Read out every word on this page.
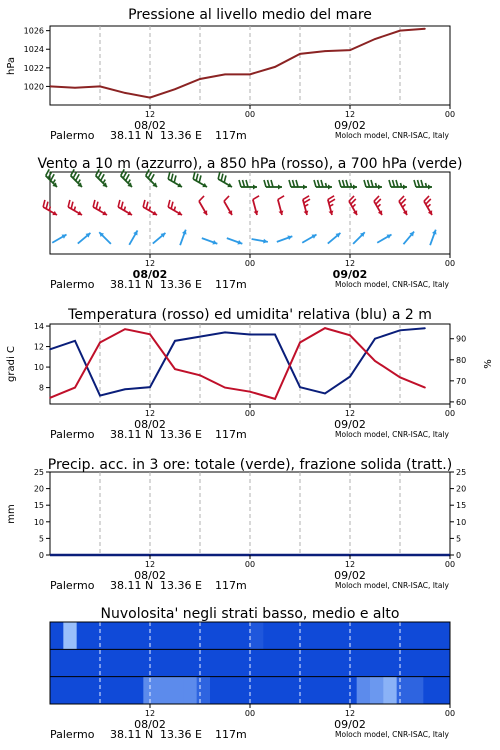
Pressione al livello medio del mare
1020
1022
1024
1026
hPa
12	00	12	00
08/02	09/02
Palermo 38.11 N 13.36 E 117m	Moloch model, CNR-ISAC, Italy
Vento a 10 m (azzurro), a 850 hPa (rosso), a 700 hPa (verde)
12	00	12	00
08/02	09/02
Palermo 38.11 N 13.36 E 117m	Moloch model, CNR-ISAC, Italy
Temperatura (rosso) ed umidita' relativa (blu) a 2 m
8
10
12
14
60
70
80
90
gradi C	%
12	00	12	00
08/02	09/02
Palermo 38.11 N 13.36 E 117m	Moloch model, CNR-ISAC, Italy
Precip. acc. in 3 ore: totale (verde), frazione solida (tratt.)
0
5
10
15
20
25
0
5
10
15
20
25
mm
12	00	12	00
08/02	09/02
Palermo 38.11 N 13.36 E 117m	Moloch model, CNR-ISAC, Italy
Nuvolosita' negli strati basso, medio e alto
12	00	12	00
08/02	09/02
Palermo 38.11 N 13.36 E 117m	Moloch model, CNR-ISAC, Italy
